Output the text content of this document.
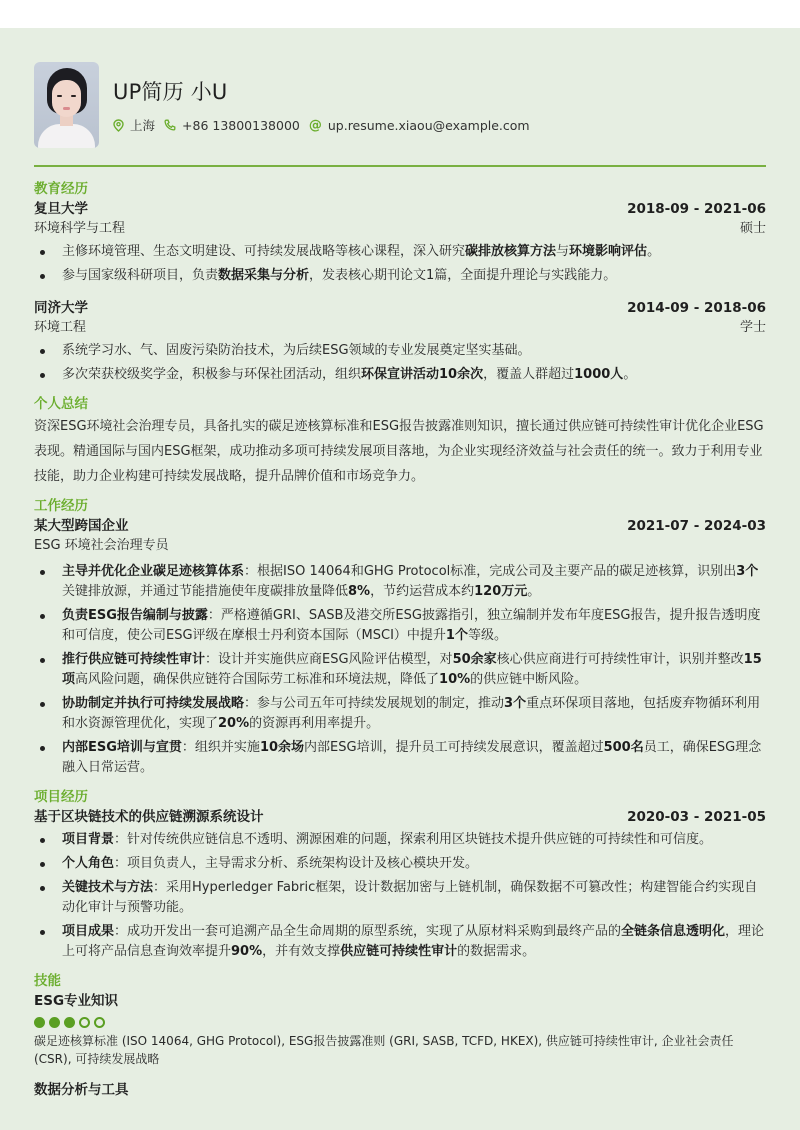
UP简历 小U
上海 +86 13800138000 @ up.resume.xiaou@example.com
教育经历
复旦大学	2018-09 - 2021-06
环境科学与工程	硕士
主修环境管理、生态文明建设、可持续发展战略等核心课程，深入研究碳排放核算方法与环境影响评估。
参与国家级科研项目，负责数据采集与分析，发表核心期刊论文1篇，全面提升理论与实践能力。
同济大学	2014-09 - 2018-06
环境工程	学士
系统学习水、气、固废污染防治技术，为后续ESG领域的专业发展奠定坚实基础。
多次荣获校级奖学金，积极参与环保社团活动，组织环保宣讲活动10余次，覆盖人群超过1000人。
个人总结
资深ESG环境社会治理专员，具备扎实的碳足迹核算标准和ESG报告披露准则知识，擅长通过供应链可持续性审计优化企业ESG表现。精通国际与国内ESG框架，成功推动多项可持续发展项目落地，为企业实现经济效益与社会责任的统一。致力于利用专业技能，助力企业构建可持续发展战略，提升品牌价值和市场竞争力。
工作经历
某大型跨国企业	2021-07 - 2024-03
ESG 环境社会治理专员
主导并优化企业碳足迹核算体系：根据ISO 14064和GHG Protocol标准，完成公司及主要产品的碳足迹核算，识别出3个关键排放源，并通过节能措施使年度碳排放量降低8%，节约运营成本约120万元。
负责ESG报告编制与披露：严格遵循GRI、SASB及港交所ESG披露指引，独立编制并发布年度ESG报告，提升报告透明度和可信度，使公司ESG评级在摩根士丹利资本国际（MSCI）中提升1个等级。
推行供应链可持续性审计：设计并实施供应商ESG风险评估模型，对50余家核心供应商进行可持续性审计，识别并整改15项高风险问题，确保供应链符合国际劳工标准和环境法规，降低了10%的供应链中断风险。
协助制定并执行可持续发展战略：参与公司五年可持续发展规划的制定，推动3个重点环保项目落地，包括废弃物循环利用和水资源管理优化，实现了20%的资源再利用率提升。
内部ESG培训与宣贯：组织并实施10余场内部ESG培训，提升员工可持续发展意识，覆盖超过500名员工，确保ESG理念融入日常运营。
项目经历
基于区块链技术的供应链溯源系统设计	2020-03 - 2021-05
项目背景：针对传统供应链信息不透明、溯源困难的问题，探索利用区块链技术提升供应链的可持续性和可信度。
个人角色：项目负责人，主导需求分析、系统架构设计及核心模块开发。
关键技术与方法：采用Hyperledger Fabric框架，设计数据加密与上链机制，确保数据不可篡改性；构建智能合约实现自动化审计与预警功能。
项目成果：成功开发出一套可追溯产品全生命周期的原型系统，实现了从原材料采购到最终产品的全链条信息透明化，理论上可将产品信息查询效率提升90%，并有效支撑供应链可持续性审计的数据需求。
技能
ESG专业知识
碳足迹核算标准 (ISO 14064, GHG Protocol), ESG报告披露准则 (GRI, SASB, TCFD, HKEX), 供应链可持续性审计, 企业社会责任 (CSR), 可持续发展战略
数据分析与工具
